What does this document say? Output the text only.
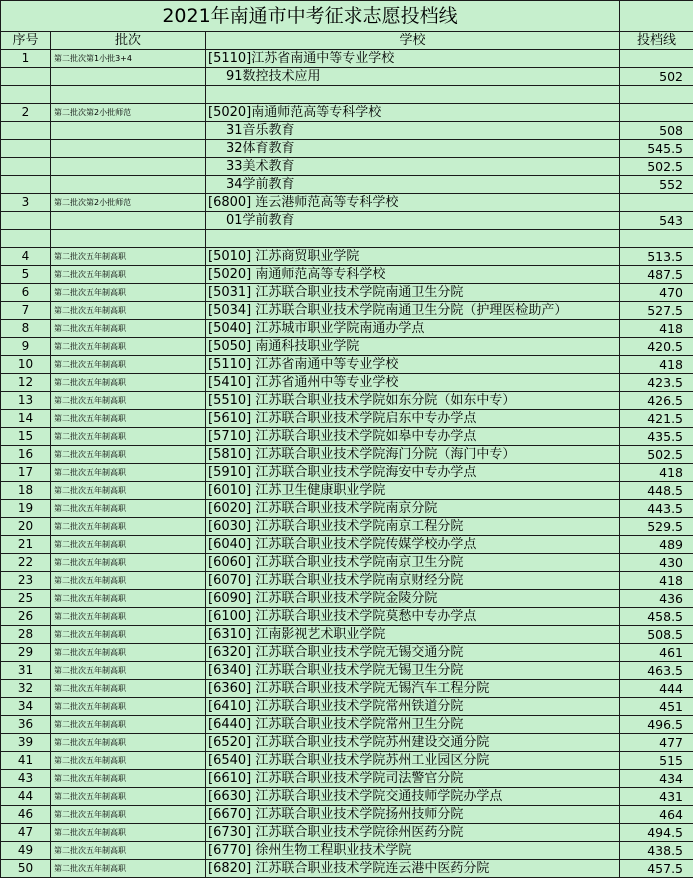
2021年南通市中考征求志愿投档线			
序号	批次	学校	投档线
1	第二批次第1小批3+4	[5110]江苏省南通中等专业学校	
		91数控技术应用	502

2	第二批次第2小批师范	[5020]南通师范高等专科学校	
		31音乐教育	508
		32体育教育	545.5
		33美术教育	502.5
		34学前教育	552
3	第二批次第2小批师范	[6800] 连云港师范高等专科学校	
		01学前教育	543

4	第二批次五年制高职	[5010] 江苏商贸职业学院	513.5
5	第二批次五年制高职	[5020] 南通师范高等专科学校	487.5
6	第二批次五年制高职	[5031] 江苏联合职业技术学院南通卫生分院	470
7	第二批次五年制高职	[5034] 江苏联合职业技术学院南通卫生分院（护理医检助产）	527.5
8	第二批次五年制高职	[5040] 江苏城市职业学院南通办学点	418
9	第二批次五年制高职	[5050] 南通科技职业学院	420.5
10	第二批次五年制高职	[5110] 江苏省南通中等专业学校	418
12	第二批次五年制高职	[5410] 江苏省通州中等专业学校	423.5
13	第二批次五年制高职	[5510] 江苏联合职业技术学院如东分院（如东中专）	426.5
14	第二批次五年制高职	[5610] 江苏联合职业技术学院启东中专办学点	421.5
15	第二批次五年制高职	[5710] 江苏联合职业技术学院如皋中专办学点	435.5
16	第二批次五年制高职	[5810] 江苏联合职业技术学院海门分院（海门中专）	502.5
17	第二批次五年制高职	[5910] 江苏联合职业技术学院海安中专办学点	418
18	第二批次五年制高职	[6010] 江苏卫生健康职业学院	448.5
19	第二批次五年制高职	[6020] 江苏联合职业技术学院南京分院	443.5
20	第二批次五年制高职	[6030] 江苏联合职业技术学院南京工程分院	529.5
21	第二批次五年制高职	[6040] 江苏联合职业技术学院传媒学校办学点	489
22	第二批次五年制高职	[6060] 江苏联合职业技术学院南京卫生分院	430
23	第二批次五年制高职	[6070] 江苏联合职业技术学院南京财经分院	418
25	第二批次五年制高职	[6090] 江苏联合职业技术学院金陵分院	436
26	第二批次五年制高职	[6100] 江苏联合职业技术学院莫愁中专办学点	458.5
28	第二批次五年制高职	[6310] 江南影视艺术职业学院	508.5
29	第二批次五年制高职	[6320] 江苏联合职业技术学院无锡交通分院	461
31	第二批次五年制高职	[6340] 江苏联合职业技术学院无锡卫生分院	463.5
32	第二批次五年制高职	[6360] 江苏联合职业技术学院无锡汽车工程分院	444
34	第二批次五年制高职	[6410] 江苏联合职业技术学院常州铁道分院	451
36	第二批次五年制高职	[6440] 江苏联合职业技术学院常州卫生分院	496.5
39	第二批次五年制高职	[6520] 江苏联合职业技术学院苏州建设交通分院	477
41	第二批次五年制高职	[6540] 江苏联合职业技术学院苏州工业园区分院	515
43	第二批次五年制高职	[6610] 江苏联合职业技术学院司法警官分院	434
44	第二批次五年制高职	[6630] 江苏联合职业技术学院交通技师学院办学点	431
46	第二批次五年制高职	[6670] 江苏联合职业技术学院扬州技师分院	464
47	第二批次五年制高职	[6730] 江苏联合职业技术学院徐州医药分院	494.5
49	第二批次五年制高职	[6770] 徐州生物工程职业技术学院	438.5
50	第二批次五年制高职	[6820] 江苏联合职业技术学院连云港中医药分院	457.5
